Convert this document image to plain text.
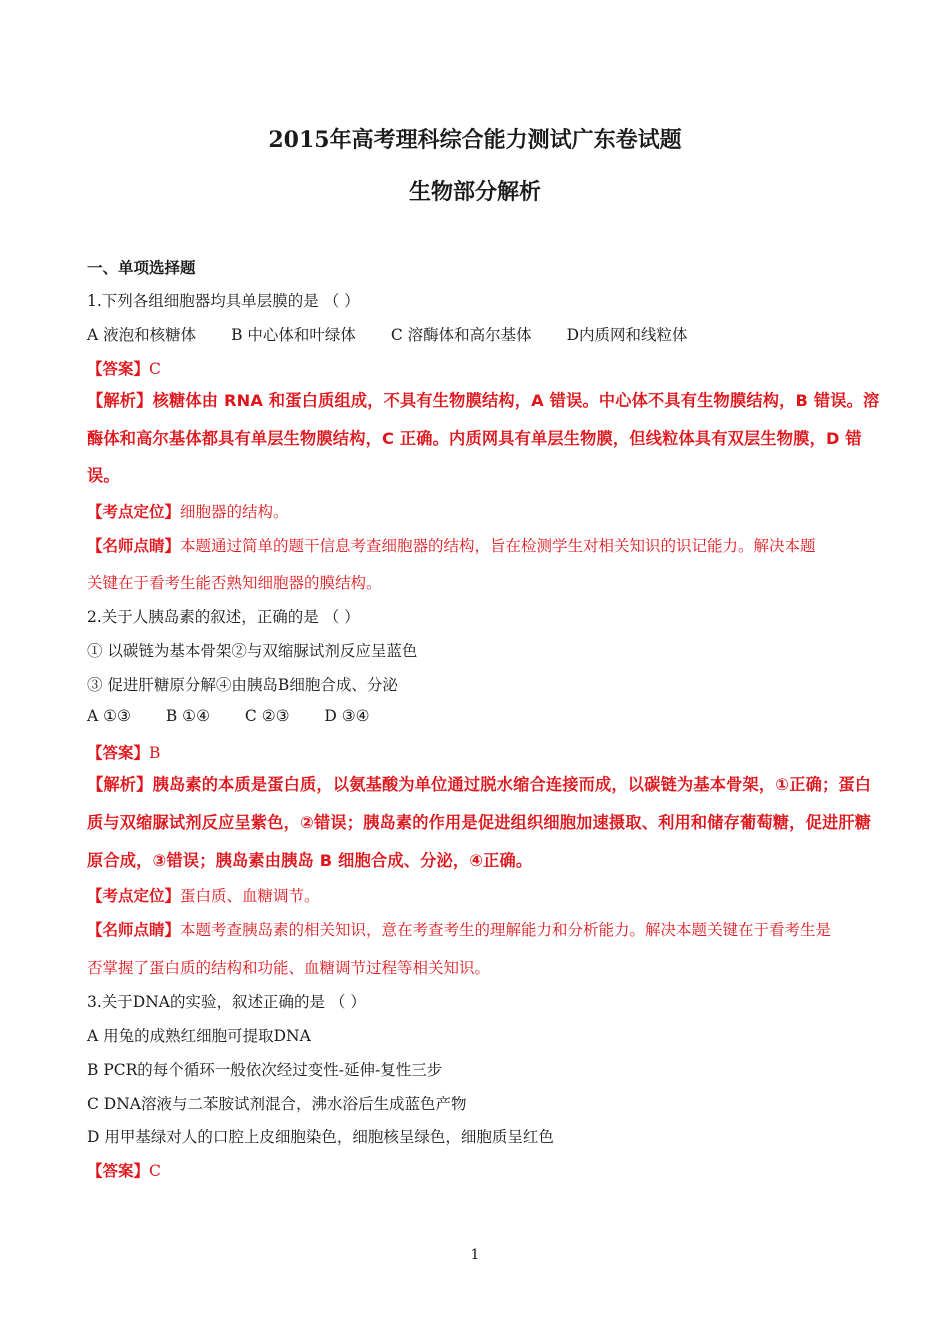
2015年高考理科综合能力测试广东卷试题
生物部分解析
一、单项选择题
1.下列各组细胞器均具单层膜的是 （ ）
A 液泡和核糖体 B 中心体和叶绿体 C 溶酶体和高尔基体 D内质网和线粒体
【答案】C
【解析】核糖体由 RNA 和蛋白质组成，不具有生物膜结构，A 错误。中心体不具有生物膜结构，B 错误。溶
酶体和高尔基体都具有单层生物膜结构，C 正确。内质网具有单层生物膜，但线粒体具有双层生物膜，D 错
误。
【考点定位】细胞器的结构。
【名师点睛】本题通过简单的题干信息考查细胞器的结构，旨在检测学生对相关知识的识记能力。解决本题
关键在于看考生能否熟知细胞器的膜结构。
2.关于人胰岛素的叙述，正确的是 （ ）
① 以碳链为基本骨架②与双缩脲试剂反应呈蓝色
③ 促进肝糖原分解④由胰岛B细胞合成、分泌
A ①③ B ①④ C ②③ D ③④
【答案】B
【解析】胰岛素的本质是蛋白质，以氨基酸为单位通过脱水缩合连接而成，以碳链为基本骨架，①正确；蛋白
质与双缩脲试剂反应呈紫色，②错误；胰岛素的作用是促进组织细胞加速摄取、利用和储存葡萄糖，促进肝糖
原合成，③错误；胰岛素由胰岛 B 细胞合成、分泌，④正确。
【考点定位】蛋白质、血糖调节。
【名师点睛】本题考查胰岛素的相关知识，意在考查考生的理解能力和分析能力。解决本题关键在于看考生是
否掌握了蛋白质的结构和功能、血糖调节过程等相关知识。
3.关于DNA的实验，叙述正确的是 （ ）
A 用兔的成熟红细胞可提取DNA
B PCR的每个循环一般依次经过变性-延伸-复性三步
C DNA溶液与二苯胺试剂混合，沸水浴后生成蓝色产物
D 用甲基绿对人的口腔上皮细胞染色，细胞核呈绿色，细胞质呈红色
【答案】C
1
